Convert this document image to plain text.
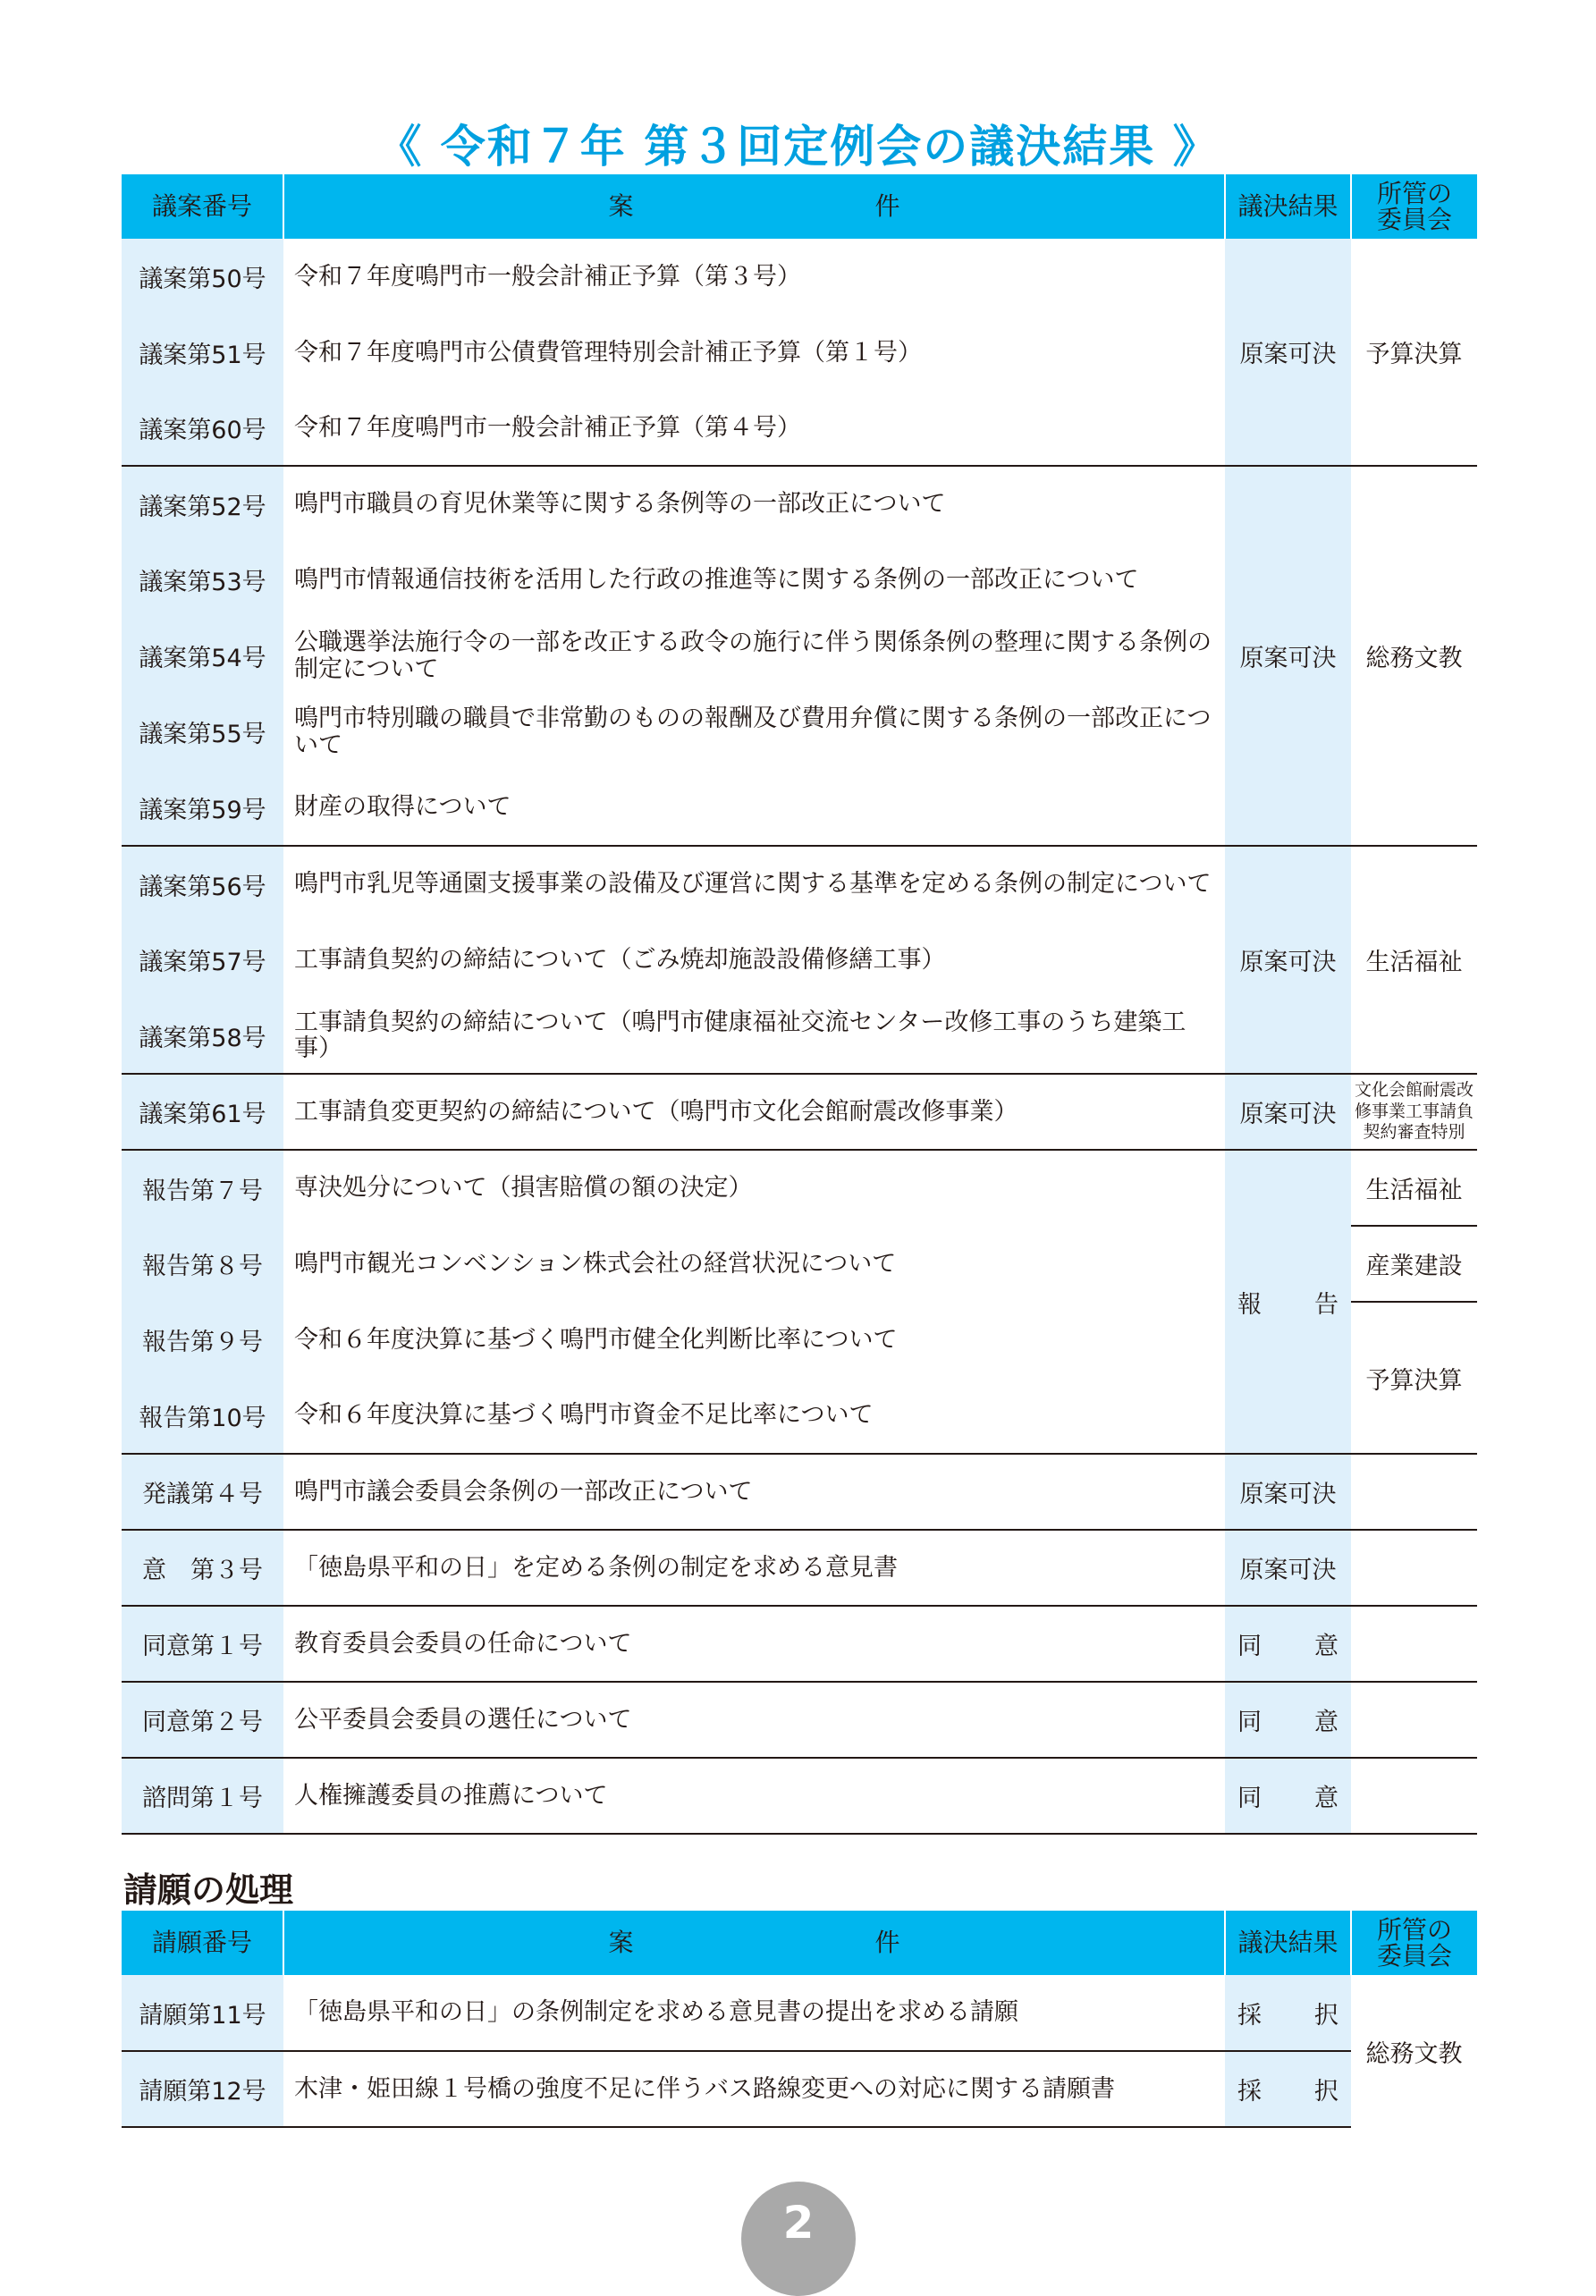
《 令和７年 第３回定例会の議決結果 》
議案番号	案 件	議決結果	所管の
委員会
議案第50号	令和７年度鳴門市一般会計補正予算（第３号）	原案可決	予算決算
議案第51号	令和７年度鳴門市公債費管理特別会計補正予算（第１号）		
議案第60号	令和７年度鳴門市一般会計補正予算（第４号）		
議案第52号	鳴門市職員の育児休業等に関する条例等の一部改正について	原案可決	総務文教
議案第53号	鳴門市情報通信技術を活用した行政の推進等に関する条例の一部改正について		
議案第54号	公職選挙法施行令の一部を改正する政令の施行に伴う関係条例の整理に関する条例の制定について		
議案第55号	鳴門市特別職の職員で非常勤のものの報酬及び費用弁償に関する条例の一部改正について		
議案第59号	財産の取得について		
議案第56号	鳴門市乳児等通園支援事業の設備及び運営に関する基準を定める条例の制定について	原案可決	生活福祉
議案第57号	工事請負契約の締結について（ごみ焼却施設設備修繕工事）		
議案第58号	工事請負契約の締結について（鳴門市健康福祉交流センター改修工事のうち建築工事）		
議案第61号	工事請負変更契約の締結について（鳴門市文化会館耐震改修事業）	原案可決	文化会館耐震改修事業工事請負契約審査特別
報告第７号	専決処分について（損害賠償の額の決定）	報 告	生活福祉
報告第８号	鳴門市観光コンベンション株式会社の経営状況について		産業建設
報告第９号	令和６年度決算に基づく鳴門市健全化判断比率について		予算決算
報告第10号	令和６年度決算に基づく鳴門市資金不足比率について		
発議第４号	鳴門市議会委員会条例の一部改正について	原案可決	
意　第３号	「徳島県平和の日」を定める条例の制定を求める意見書	原案可決	
同意第１号	教育委員会委員の任命について	同 意	

同意第２号	公平委員会委員の選任について	同 意	

諮問第１号	人権擁護委員の推薦について	同 意	

請願の処理
請願番号	案 件	議決結果	所管の
委員会
請願第11号	「徳島県平和の日」の条例制定を求める意見書の提出を求める請願	採 択	総務文教
請願第12号	木津・姫田線１号橋の強度不足に伴うバス路線変更への対応に関する請願書	採 択	
2
